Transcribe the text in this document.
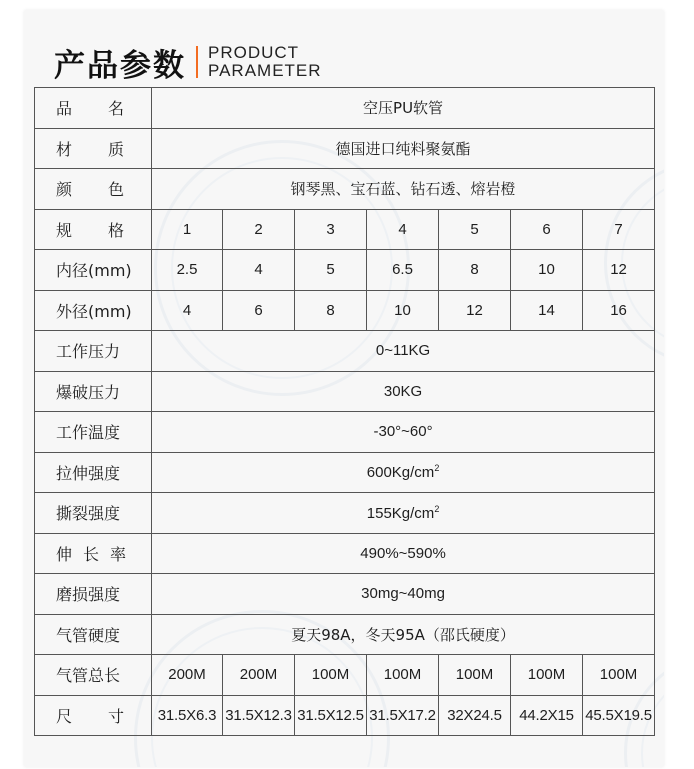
产品参数 PRODUCT
PARAMETER
品 名	空压PU软管						

材 质	德国进口纯料聚氨酯						

颜 色	钢琴黑、宝石蓝、钻石透、熔岩橙						

规 格	1	2	3	4	5	6	7
内径(mm)	2.5	4	5	6.5	8	10	12
外径(mm)	4	6	8	10	12	14	16
工作压力	0~11KG						
爆破压力	30KG						
工作温度	-30°~60°						
拉伸强度	$600Kg/cm^2$
撕裂强度	$155Kg/cm^2$

伸 长 率	490%~590%						
磨损强度	30mg~40mg						
气管硬度	夏天98A，冬天95A（邵氏硬度）						
气管总长	200M	200M	100M	100M	100M	100M	100M

尺 寸	31.5X6.3	31.5X12.3	31.5X12.5	31.5X17.2	32X24.5	44.2X15	45.5X19.5
